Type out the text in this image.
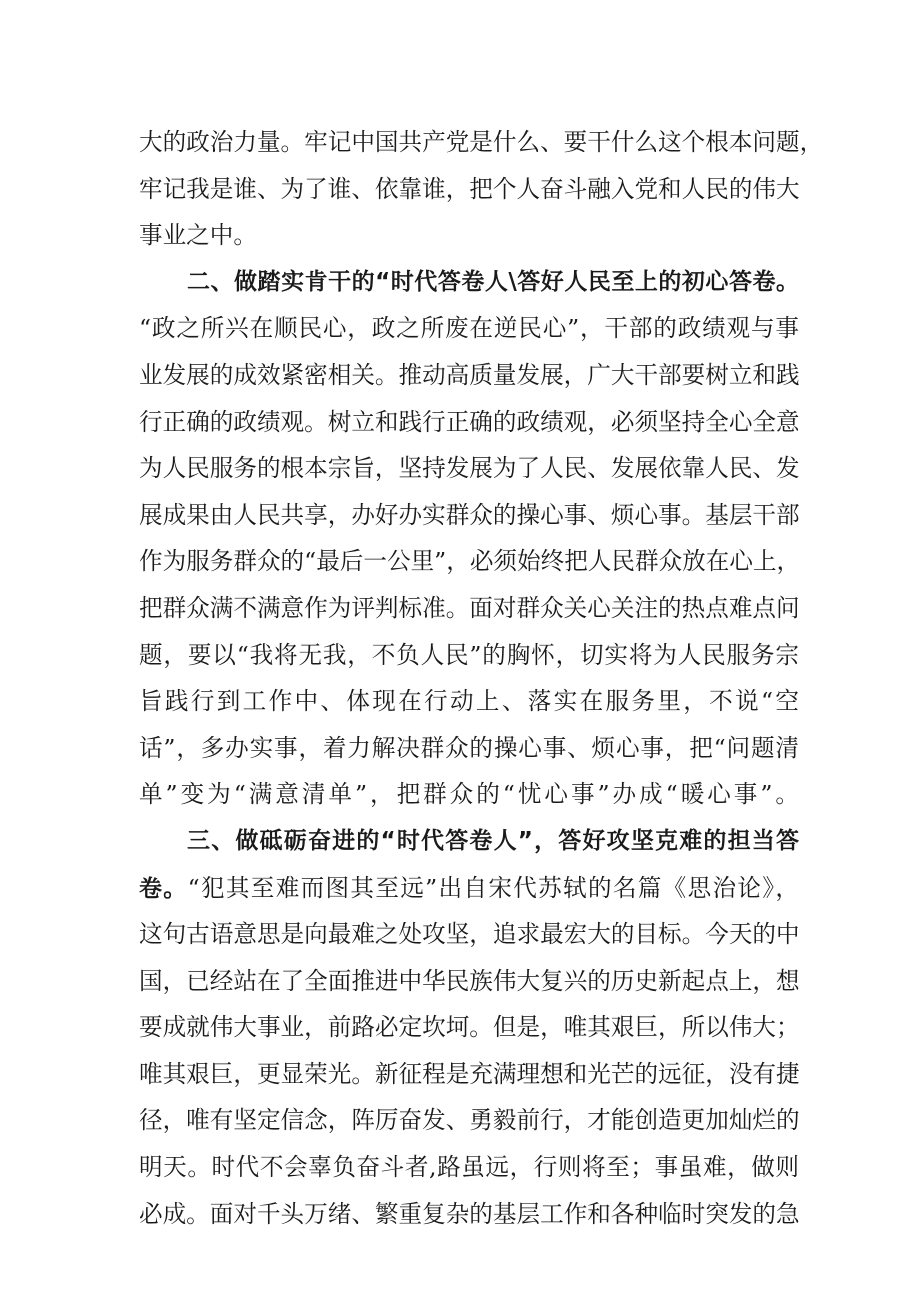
大的政治力量。牢记中国共产党是什么、要干什么这个根本问题，
牢记我是谁、为了谁、依靠谁，把个人奋斗融入党和人民的伟大
事业之中。
二、做踏实肯干的“时代答卷人\答好人民至上的初心答卷。
“政之所兴在顺民心，政之所废在逆民心”，干部的政绩观与事
业发展的成效紧密相关。推动高质量发展，广大干部要树立和践
行正确的政绩观。树立和践行正确的政绩观，必须坚持全心全意
为人民服务的根本宗旨，坚持发展为了人民、发展依靠人民、发
展成果由人民共享，办好办实群众的操心事、烦心事。基层干部
作为服务群众的“最后一公里”，必须始终把人民群众放在心上，
把群众满不满意作为评判标准。面对群众关心关注的热点难点问
题，要以“我将无我，不负人民”的胸怀，切实将为人民服务宗
旨践行到工作中、体现在行动上、落实在服务里，不说“空
话”，多办实事，着力解决群众的操心事、烦心事，把“问题清
单”变为“满意清单”，把群众的“忧心事”办成“暖心事”。
三、做砥砺奋进的“时代答卷人”，答好攻坚克难的担当答
卷。“犯其至难而图其至远”出自宋代苏轼的名篇《思治论》，
这句古语意思是向最难之处攻坚，追求最宏大的目标。今天的中
国，已经站在了全面推进中华民族伟大复兴的历史新起点上，想
要成就伟大事业，前路必定坎坷。但是，唯其艰巨，所以伟大；
唯其艰巨，更显荣光。新征程是充满理想和光芒的远征，没有捷
径，唯有坚定信念，阵厉奋发、勇毅前行，才能创造更加灿烂的
明天。时代不会辜负奋斗者,路虽远，行则将至；事虽难，做则
必成。面对千头万绪、繁重复杂的基层工作和各种临时突发的急
